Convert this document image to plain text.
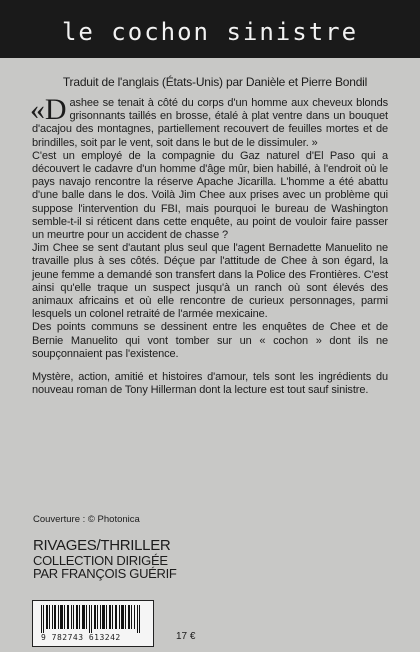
le cochon sinistre
Traduit de l'anglais (États-Unis) par Danièle et Pierre Bondil

«Dashee se tenait à côté du corps d'un homme aux cheveux blonds grisonnants taillés en brosse, étalé à plat ventre dans un bouquet d'acajou des montagnes, partiellement recouvert de feuilles mortes et de brindilles, soit par le vent, soit dans le but de le dissimuler. »

C'est un employé de la compagnie du Gaz naturel d'El Paso qui a découvert le cadavre d'un homme d'âge mûr, bien habillé, à l'endroit où le pays navajo rencontre la réserve Apache Jicarilla. L'homme a été abattu d'une balle dans le dos. Voilà Jim Chee aux prises avec un problème qui suppose l'intervention du FBI, mais pourquoi le bureau de Washington semble-t-il si réticent dans cette enquête, au point de vouloir faire passer un meurtre pour un accident de chasse ?

Jim Chee se sent d'autant plus seul que l'agent Bernadette Manuelito ne travaille plus à ses côtés. Déçue par l'attitude de Chee à son égard, la jeune femme a demandé son transfert dans la Police des Frontières. C'est ainsi qu'elle traque un suspect jusqu'à un ranch où sont élevés des animaux africains et où elle rencontre de curieux personnages, parmi lesquels un colonel retraité de l'armée mexicaine.

Des points communs se dessinent entre les enquêtes de Chee et de Bernie Manuelito qui vont tomber sur un « cochon » dont ils ne soupçonnaient pas l'existence.

Mystère, action, amitié et histoires d'amour, tels sont les ingrédients du nouveau roman de Tony Hillerman dont la lecture est tout sauf sinistre.

Couverture : © Photonica
RIVAGES/THRILLER
COLLECTION DIRIGÉE
PAR FRANÇOIS GUÉRIF
9 782743 613242	17 €
